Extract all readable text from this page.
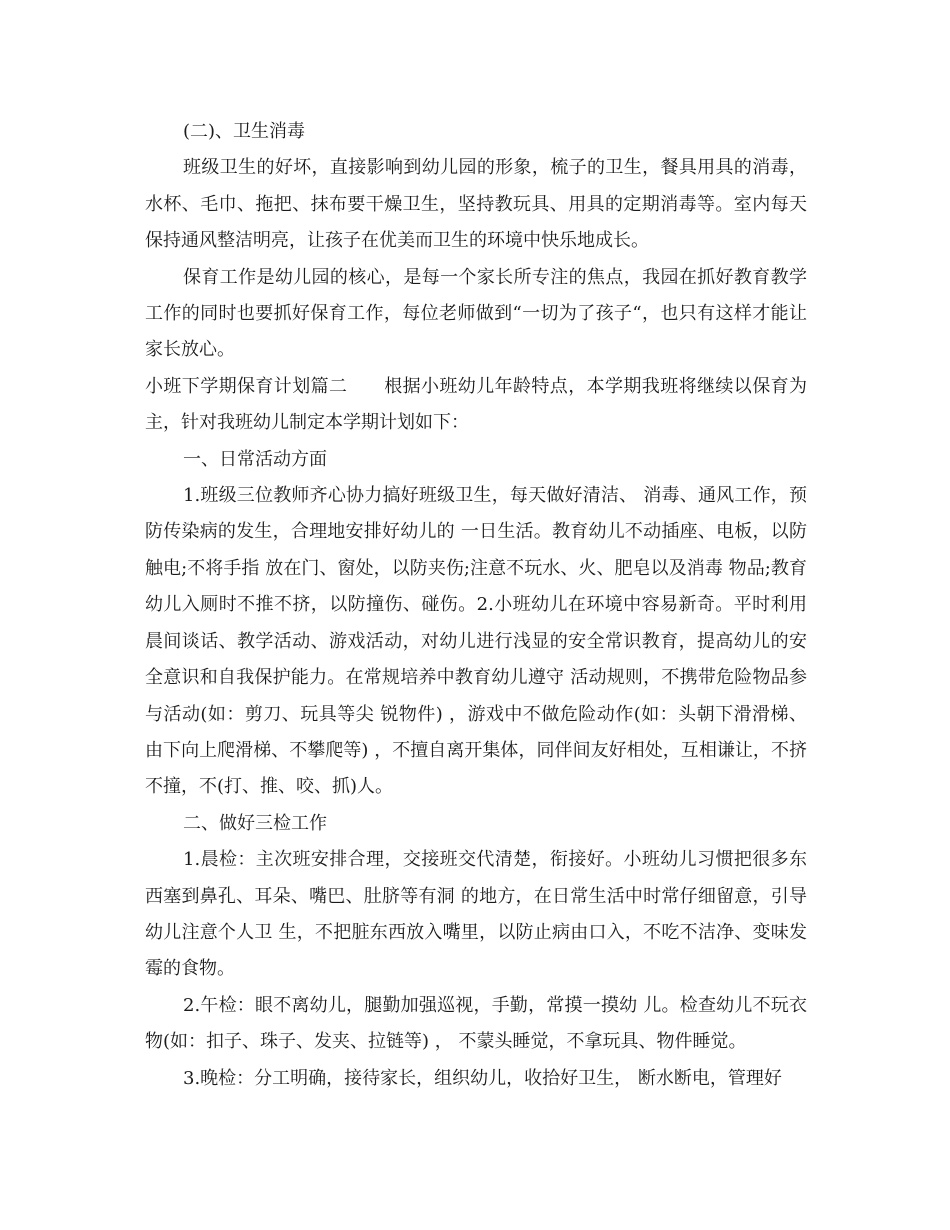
(二)、卫生消毒

班级卫生的好坏，直接影响到幼儿园的形象，梳子的卫生，餐具用具的消毒，水杯、毛巾、拖把、抹布要干燥卫生，坚持教玩具、用具的定期消毒等。室内每天保持通风整洁明亮，让孩子在优美而卫生的环境中快乐地成长。

保育工作是幼儿园的核心，是每一个家长所专注的焦点，我园在抓好教育教学工作的同时也要抓好保育工作，每位老师做到“一切为了孩子“，也只有这样才能让家长放心。

小班下学期保育计划篇二　　根据小班幼儿年龄特点，本学期我班将继续以保育为主，针对我班幼儿制定本学期计划如下：

一、日常活动方面

1.班级三位教师齐心协力搞好班级卫生，每天做好清洁、 消毒、通风工作，预防传染病的发生，合理地安排好幼儿的 一日生活。教育幼儿不动插座、电板，以防触电;不将手指 放在门、窗处，以防夹伤;注意不玩水、火、肥皂以及消毒 物品;教育幼儿入厕时不推不挤，以防撞伤、碰伤。2.小班幼儿在环境中容易新奇。平时利用晨间谈话、教学活动、游戏活动，对幼儿进行浅显的安全常识教育，提高幼儿的安全意识和自我保护能力。在常规培养中教育幼儿遵守 活动规则，不携带危险物品参与活动(如：剪刀、玩具等尖 锐物件) ，游戏中不做危险动作(如：头朝下滑滑梯、由下向上爬滑梯、不攀爬等) ，不擅自离开集体，同伴间友好相处，互相谦让，不挤不撞，不(打、推、咬、抓)人。

二、做好三检工作

1.晨检：主次班安排合理，交接班交代清楚，衔接好。小班幼儿习惯把很多东西塞到鼻孔、耳朵、嘴巴、肚脐等有洞 的地方，在日常生活中时常仔细留意，引导幼儿注意个人卫 生，不把脏东西放入嘴里，以防止病由口入，不吃不洁净、变味发霉的食物。

2.午检：眼不离幼儿，腿勤加强巡视，手勤，常摸一摸幼 儿。检查幼儿不玩衣物(如：扣子、珠子、发夹、拉链等) ， 不蒙头睡觉，不拿玩具、物件睡觉。

3.晚检：分工明确，接待家长，组织幼儿，收拾好卫生， 断水断电，管理好
